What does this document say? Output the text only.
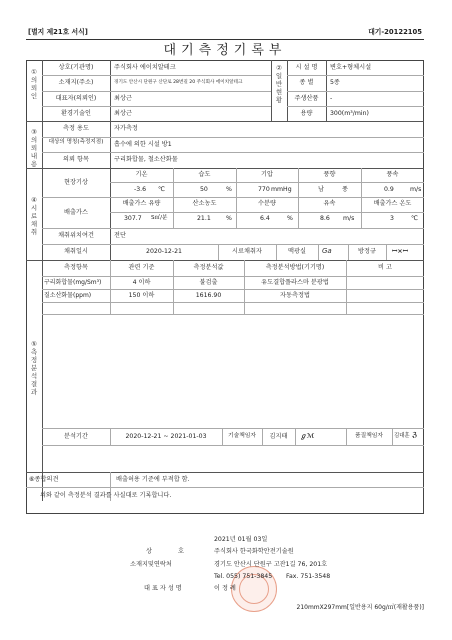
[별지 제21호 서식]	대기-20122105
대기측정기록부
①의뢰인
②일반현황
상호(기관명)	주식회사 에이치알테크
소재지(주소)	경기도 안산시 단원구 산단로 28번길 20 주식회사 에이치알테크
대표자(의뢰인)	최상근
환경기술인	최상근
시 설 명	변호+형체시설
종 별	5종
주생산품	-
용량	300(m³/min)
③의뢰내용
측정 용도	자가측정
대상의 명칭(측정지점)	흡수에 의한 시설 방1
의뢰 항목	구리화합물, 철소산화물
④시료채취
현장기상
기온	습도	기압	풍향	풍속
-3.6 ℃	50	%	770 mmHg	남	풍	0.9	m/s
배출가스
배출가스 유량	산소농도	수분량	유속	배출가스 온도
307.7 S㎥/분	21.1 %	6.4	%	8.6 m/s	3	℃
채취위치여건	전단
채취일시	2020-12-21	시료채취자	맥광실	Ga	방정규	ꟷ×ꟷ
⑤측정분석결과
측정항목	관련 기준	측정분석값	측정분석방법(기기명)	비 고
구리화합물(mg/Sm³)	4 이하	불검출	유도결합플라스마 분광법
질소산화물(ppm)	150 이하	1616.90	자동측정법
분석기간	2020-12-21 ~ 2021-01-03	기술책임자	김지태	ℊℳ	품질책임자	김대훈 ℨ
⑥종합의견	배출허용 기준에 부적합 함.
위와 같이 측정분석 결과를 사실대로 기록합니다.
2021년 01월 03일
상 호	주식회사 한국화학안전기술원
소재지및연락처	경기도 안산시 단원구 고잔1길 76, 201호
Tel. 055) 751-3845 Fax. 751-3548
대 표 자 성 명	이 정 례
210mmX297mm[일반용지 60g/㎡(재활용품)]
